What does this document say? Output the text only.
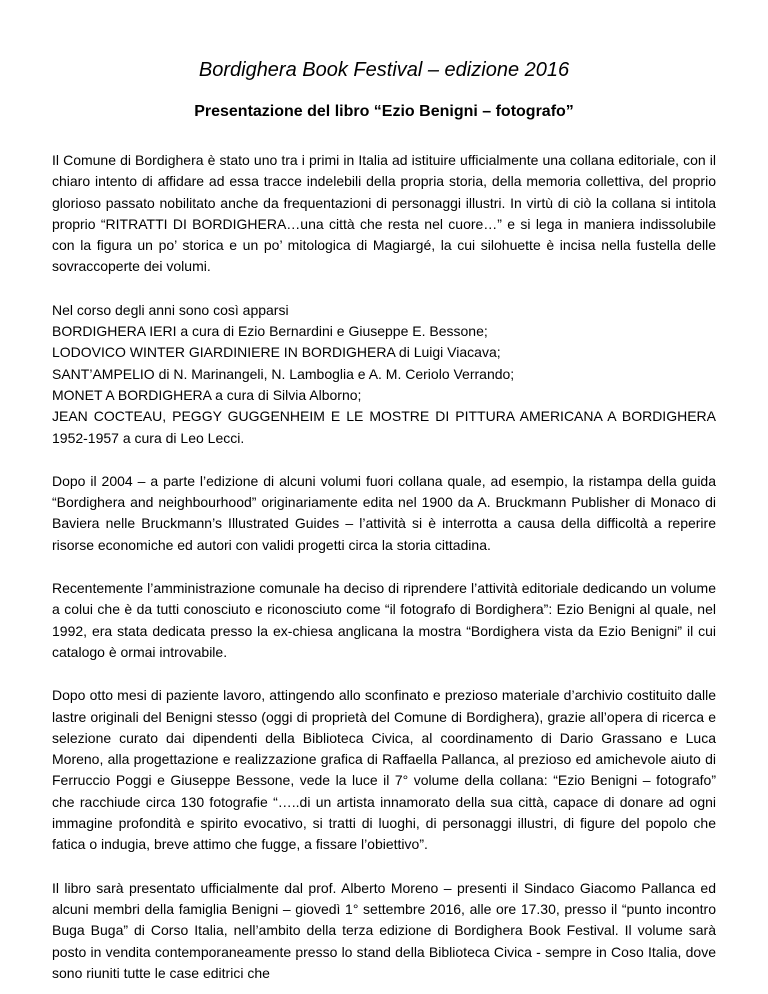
Bordighera Book Festival – edizione 2016
Presentazione del libro “Ezio Benigni – fotografo”

Il Comune di Bordighera è stato uno tra i primi in Italia ad istituire ufficialmente una collana editoriale, con il chiaro intento di affidare ad essa tracce indelebili della propria storia, della memoria collettiva, del proprio glorioso passato nobilitato anche da frequentazioni di personaggi illustri. In virtù di ciò la collana si intitola proprio “RITRATTI DI BORDIGHERA…una città che resta nel cuore…” e si lega in maniera indissolubile con la figura un po’ storica e un po’ mitologica di Magiargé, la cui silohuette è incisa nella fustella delle sovraccoperte dei volumi.

Nel corso degli anni sono così apparsi
BORDIGHERA IERI a cura di Ezio Bernardini e Giuseppe E. Bessone;
LODOVICO WINTER GIARDINIERE IN BORDIGHERA di Luigi Viacava;
SANT’AMPELIO di N. Marinangeli, N. Lamboglia e A. M. Ceriolo Verrando;
MONET A BORDIGHERA a cura di Silvia Alborno;
JEAN COCTEAU, PEGGY GUGGENHEIM E LE MOSTRE DI PITTURA AMERICANA A BORDIGHERA 1952-1957 a cura di Leo Lecci.

Dopo il 2004 – a parte l’edizione di alcuni volumi fuori collana quale, ad esempio, la ristampa della guida “Bordighera and neighbourhood” originariamente edita nel 1900 da A. Bruckmann Publisher di Monaco di Baviera nelle Bruckmann’s Illustrated Guides – l’attività si è interrotta a causa della difficoltà a reperire risorse economiche ed autori con validi progetti circa la storia cittadina.

Recentemente l’amministrazione comunale ha deciso di riprendere l’attività editoriale dedicando un volume a colui che è da tutti conosciuto e riconosciuto come “il fotografo di Bordighera”: Ezio Benigni al quale, nel 1992, era stata dedicata presso la ex-chiesa anglicana la mostra “Bordighera vista da Ezio Benigni” il cui catalogo è ormai introvabile.

Dopo otto mesi di paziente lavoro, attingendo allo sconfinato e prezioso materiale d’archivio costituito dalle lastre originali del Benigni stesso (oggi di proprietà del Comune di Bordighera), grazie all’opera di ricerca e selezione curato dai dipendenti della Biblioteca Civica, al coordinamento di Dario Grassano e Luca Moreno, alla progettazione e realizzazione grafica di Raffaella Pallanca, al prezioso ed amichevole aiuto di Ferruccio Poggi e Giuseppe Bessone, vede la luce il 7° volume della collana: “Ezio Benigni – fotografo” che racchiude circa 130 fotografie “…..di un artista innamorato della sua città, capace di donare ad ogni immagine profondità e spirito evocativo, si tratti di luoghi, di personaggi illustri, di figure del popolo che fatica o indugia, breve attimo che fugge, a fissare l’obiettivo”.

Il libro sarà presentato ufficialmente dal prof. Alberto Moreno – presenti il Sindaco Giacomo Pallanca ed alcuni membri della famiglia Benigni – giovedì 1° settembre 2016, alle ore 17.30, presso il “punto incontro Buga Buga” di Corso Italia, nell’ambito della terza edizione di Bordighera Book Festival. Il volume sarà posto in vendita contemporaneamente presso lo stand della Biblioteca Civica - sempre in Coso Italia, dove sono riuniti tutte le case editrici che
